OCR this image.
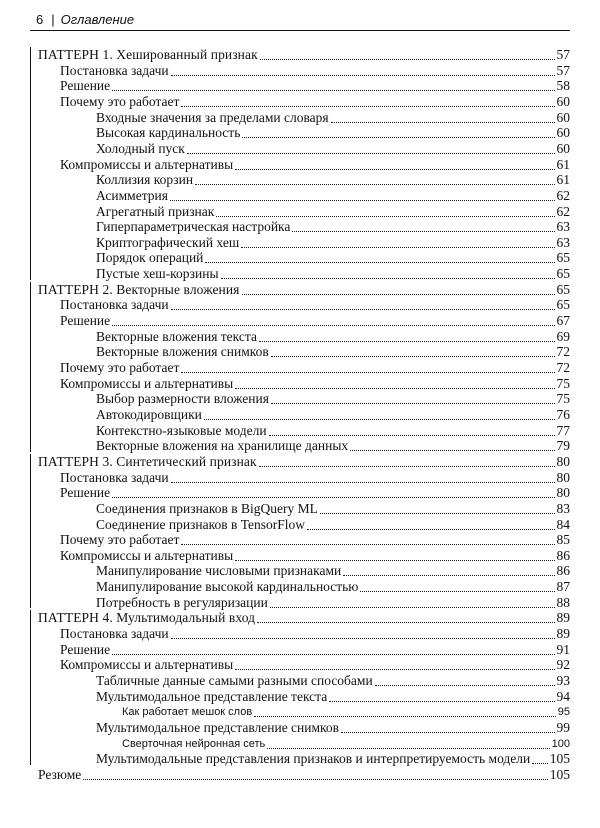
6 | Оглавление
ПАТТЕРН 1. Хешированный признак	57
Постановка задачи	57
Решение	58
Почему это работает	60
Входные значения за пределами словаря	60
Высокая кардинальность	60
Холодный пуск	60
Компромиссы и альтернативы	61
Коллизия корзин	61
Асимметрия	62
Агрегатный признак	62
Гиперпараметрическая настройка	63
Криптографический хеш	63
Порядок операций	65
Пустые хеш-корзины	65
ПАТТЕРН 2. Векторные вложения	65
Постановка задачи	65
Решение	67
Векторные вложения текста	69
Векторные вложения снимков	72
Почему это работает	72
Компромиссы и альтернативы	75
Выбор размерности вложения	75
Автокодировщики	76
Контекстно-языковые модели	77
Векторные вложения на хранилище данных	79
ПАТТЕРН 3. Синтетический признак	80
Постановка задачи	80
Решение	80
Соединения признаков в BigQuery ML	83
Соединение признаков в TensorFlow	84
Почему это работает	85
Компромиссы и альтернативы	86
Манипулирование числовыми признаками	86
Манипулирование высокой кардинальностью	87
Потребность в регуляризации	88
ПАТТЕРН 4. Мультимодальный вход	89
Постановка задачи	89
Решение	91
Компромиссы и альтернативы	92
Табличные данные самыми разными способами	93
Мультимодальное представление текста	94
Как работает мешок слов	95
Мультимодальное представление снимков	99
Сверточная нейронная сеть	100
Мультимодальные представления признаков и интерпретируемость модели 105
Резюме	105
